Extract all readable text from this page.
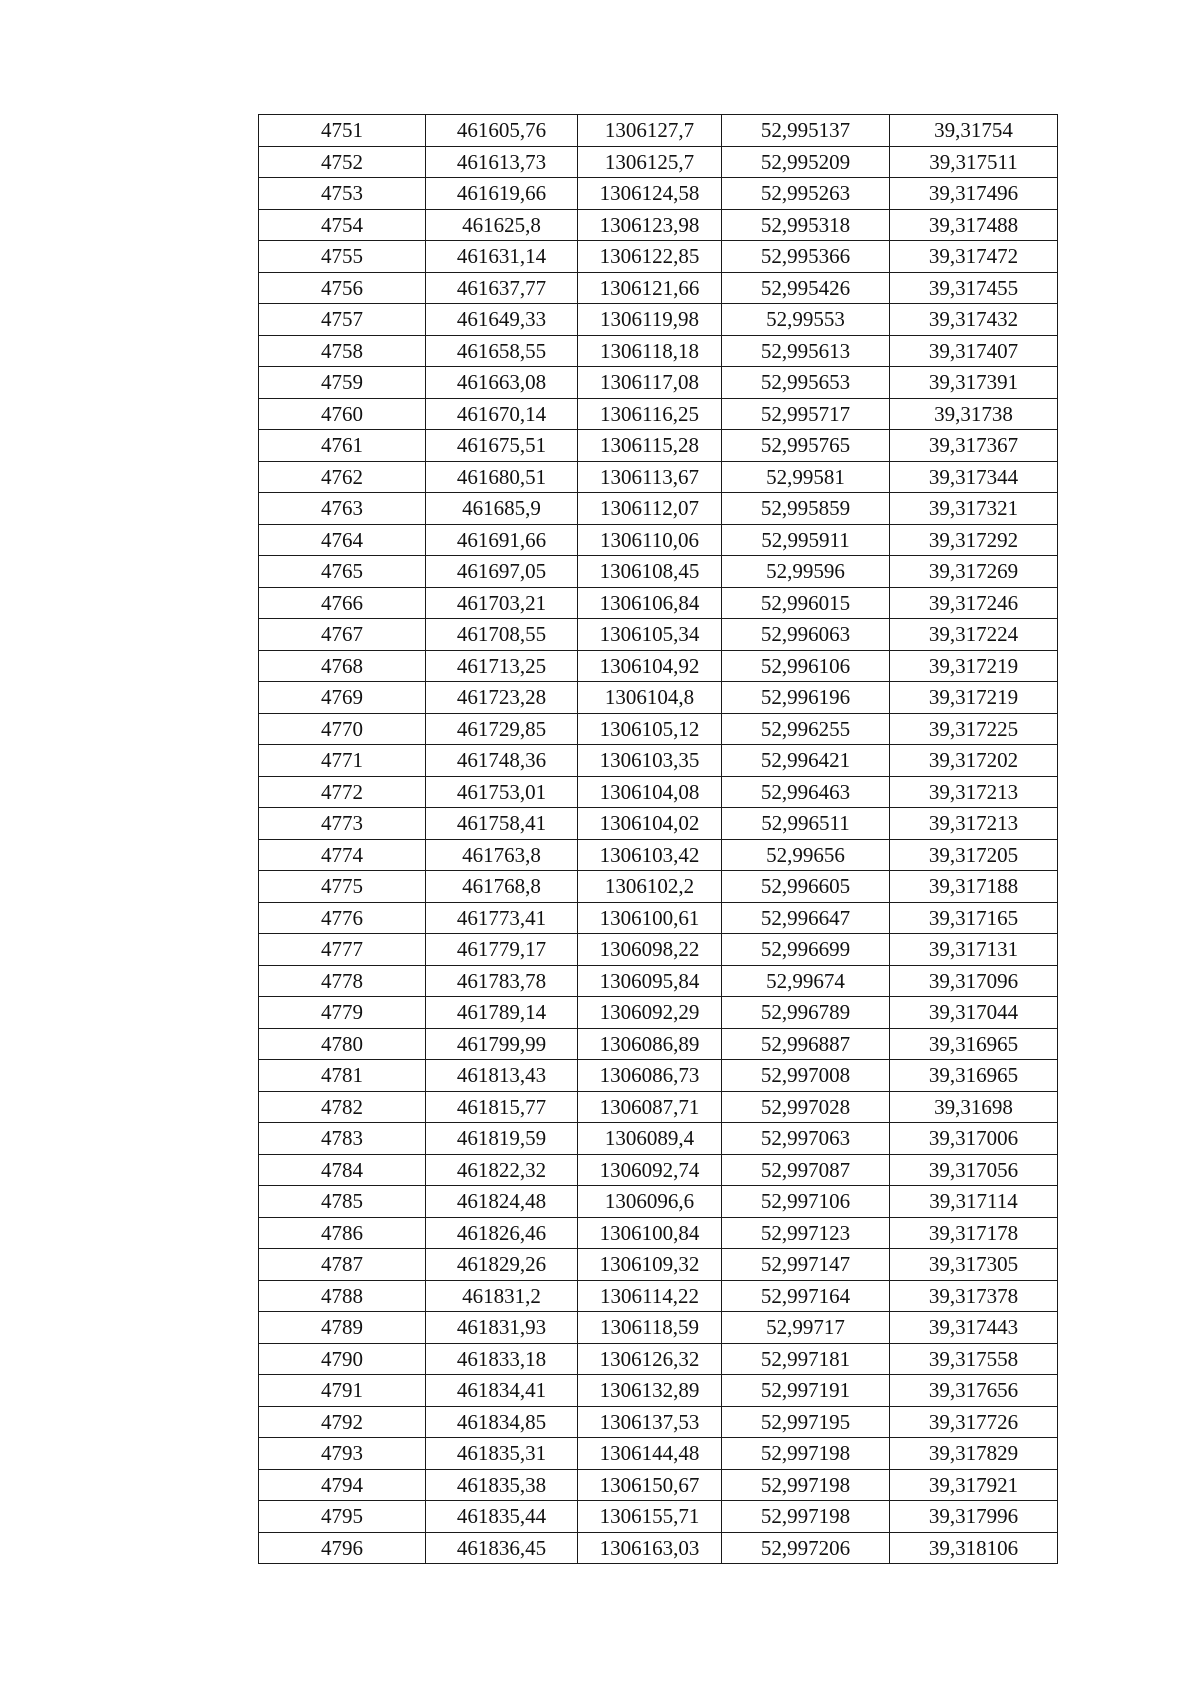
4751	461605,76	1306127,7	52,995137	39,31754
4752	461613,73	1306125,7	52,995209	39,317511
4753	461619,66	1306124,58	52,995263	39,317496
4754	461625,8	1306123,98	52,995318	39,317488
4755	461631,14	1306122,85	52,995366	39,317472
4756	461637,77	1306121,66	52,995426	39,317455
4757	461649,33	1306119,98	52,99553	39,317432
4758	461658,55	1306118,18	52,995613	39,317407
4759	461663,08	1306117,08	52,995653	39,317391
4760	461670,14	1306116,25	52,995717	39,31738
4761	461675,51	1306115,28	52,995765	39,317367
4762	461680,51	1306113,67	52,99581	39,317344
4763	461685,9	1306112,07	52,995859	39,317321
4764	461691,66	1306110,06	52,995911	39,317292
4765	461697,05	1306108,45	52,99596	39,317269
4766	461703,21	1306106,84	52,996015	39,317246
4767	461708,55	1306105,34	52,996063	39,317224
4768	461713,25	1306104,92	52,996106	39,317219
4769	461723,28	1306104,8	52,996196	39,317219
4770	461729,85	1306105,12	52,996255	39,317225
4771	461748,36	1306103,35	52,996421	39,317202
4772	461753,01	1306104,08	52,996463	39,317213
4773	461758,41	1306104,02	52,996511	39,317213
4774	461763,8	1306103,42	52,99656	39,317205
4775	461768,8	1306102,2	52,996605	39,317188
4776	461773,41	1306100,61	52,996647	39,317165
4777	461779,17	1306098,22	52,996699	39,317131
4778	461783,78	1306095,84	52,99674	39,317096
4779	461789,14	1306092,29	52,996789	39,317044
4780	461799,99	1306086,89	52,996887	39,316965
4781	461813,43	1306086,73	52,997008	39,316965
4782	461815,77	1306087,71	52,997028	39,31698
4783	461819,59	1306089,4	52,997063	39,317006
4784	461822,32	1306092,74	52,997087	39,317056
4785	461824,48	1306096,6	52,997106	39,317114
4786	461826,46	1306100,84	52,997123	39,317178
4787	461829,26	1306109,32	52,997147	39,317305
4788	461831,2	1306114,22	52,997164	39,317378
4789	461831,93	1306118,59	52,99717	39,317443
4790	461833,18	1306126,32	52,997181	39,317558
4791	461834,41	1306132,89	52,997191	39,317656
4792	461834,85	1306137,53	52,997195	39,317726
4793	461835,31	1306144,48	52,997198	39,317829
4794	461835,38	1306150,67	52,997198	39,317921
4795	461835,44	1306155,71	52,997198	39,317996
4796	461836,45	1306163,03	52,997206	39,318106
